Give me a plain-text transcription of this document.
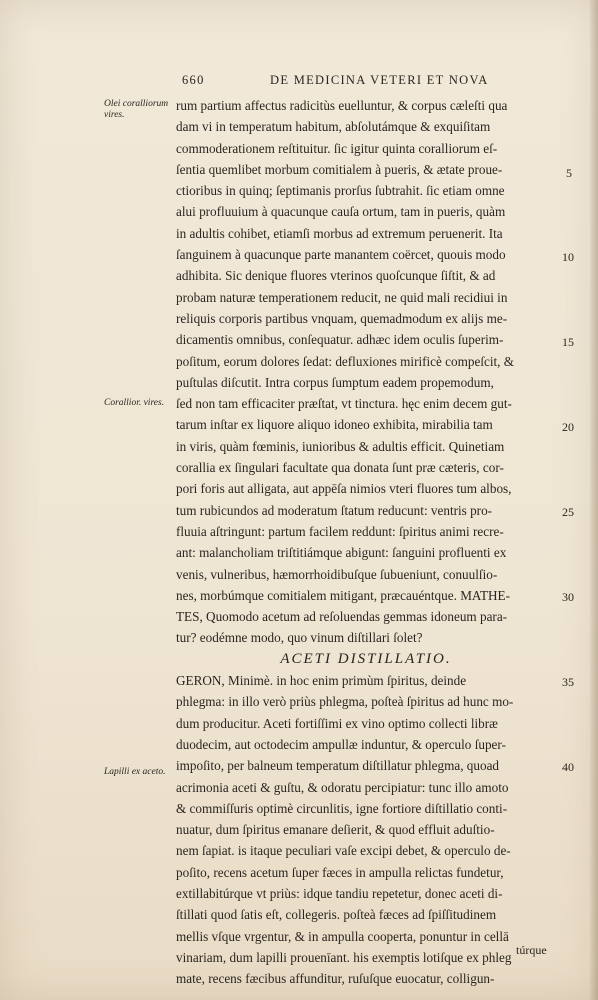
660	DE MEDICINA VETERI ET NOVA
Olei coralliorum vires.
Corallior. vires.
Lapilli ex aceto.
rum partium affectus radicitùs euelluntur, & corpus cæleſti qua
dam vi in temperatum habitum, abſolutámque & exquiſitam
commoderationem reſtituitur. ſic igitur quinta coralliorum eſ-
ſentia quemlibet morbum comitialem à pueris, & ætate proue-
ctioribus in quinq; ſeptimanis prorſus ſubtrahit. ſic etiam omne
alui profluuium à quacunque cauſa ortum, tam in pueris, quàm
in adultis cohibet, etiamſi morbus ad extremum peruenerit. Ita
ſanguinem à quacunque parte manantem coërcet, quouis modo
adhibita. Sic denique fluores vterinos quoſcunque ſiſtit, & ad
probam naturæ temperationem reducit, ne quid mali recidiui in
reliquis corporis partibus vnquam, quemadmodum ex alijs me-
dicamentis omnibus, conſequatur. adhæc idem oculis ſuperim-
poſitum, eorum dolores ſedat: defluxiones mirificè compeſcit, &
puſtulas diſcutit. Intra corpus ſumptum eadem propemodum,
ſed non tam efficaciter præſtat, vt tinctura. hęc enim decem gut-
tarum inſtar ex liquore aliquo idoneo exhibita, mirabilia tam
in viris, quàm fœminis, iunioribus & adultis efficit. Quinetiam
corallia ex ſingulari facultate qua donata ſunt præ cæteris, cor-
pori foris aut alligata, aut appēſa nimios vteri fluores tum albos,
tum rubicundos ad moderatum ſtatum reducunt: ventris pro-
fluuia aſtringunt: partum facilem reddunt: ſpiritus animi recre-
ant: malancholiam triſtitiámque abigunt: ſanguini profluenti ex
venis, vulneribus, hæmorrhoidibuſque ſubueniunt, conuulſio-
nes, morbúmque comitialem mitigant, præcauéntque. MATHE-
TES, Quomodo acetum ad reſoluendas gemmas idoneum para-
tur? eodémne modo, quo vinum diſtillari ſolet?
ACETI DISTILLATIO.
GERON, Minimè. in hoc enim primùm ſpiritus, deinde
phlegma: in illo verò priùs phlegma, poſteà ſpiritus ad hunc mo-
dum producitur. Aceti fortiſſimi ex vino optimo collecti libræ
duodecim, aut octodecim ampullæ induntur, & operculo ſuper-
impoſito, per balneum temperatum diſtillatur phlegma, quoad
acrimonia aceti & guſtu, & odoratu percipiatur: tunc illo amoto
& commiſſuris optimè circunlitis, igne fortiore diſtillatio conti-
nuatur, dum ſpiritus emanare deſierit, & quod effluit aduſtio-
nem ſapiat. is itaque peculiari vaſe excipi debet, & operculo de-
poſito, recens acetum ſuper fæces in ampulla relictas fundetur,
extillabitúrque vt priùs: idque tandiu repetetur, donec aceti di-
ſtillati quod ſatis eſt, collegeris. poſteà fæces ad ſpiſſitudinem
mellis vſque vrgentur, & in ampulla cooperta, ponuntur in cellā
vinariam, dum lapilli prouenīant. his exemptis lotiſque ex phleg
mate, recens fæcibus affunditur, ruſuſque euocatur, colligun-
5
10
15
20
25
30
35
40
túrque
